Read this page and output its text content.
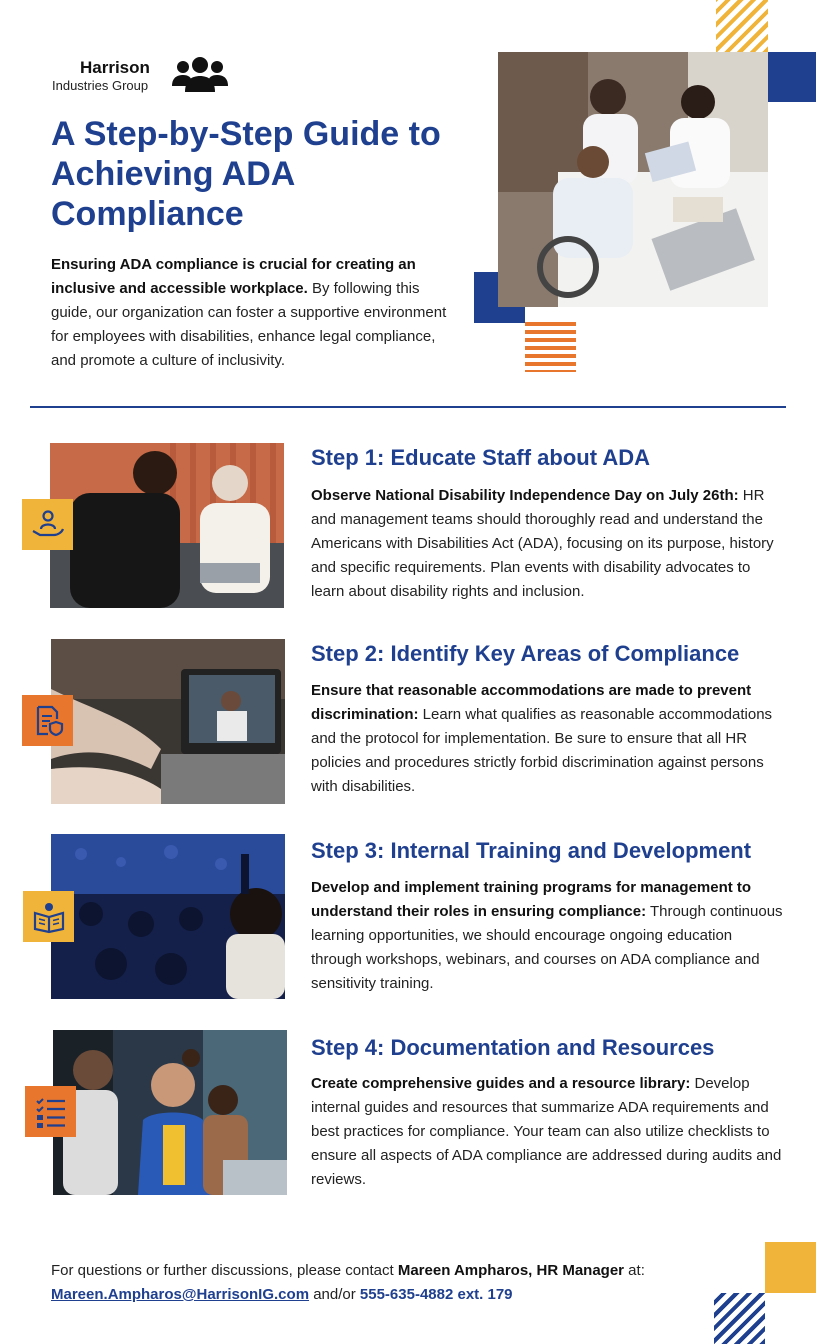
Harrison
Industries Group
A Step-by-Step Guide to Achieving ADA Compliance

Ensuring ADA compliance is crucial for creating an inclusive and accessible workplace. By following this guide, our organization can foster a supportive environment for employees with disabilities, enhance legal compliance, and promote a culture of inclusivity.

Step 1: Educate Staff about ADA

Observe National Disability Independence Day on July 26th: HR and management teams should thoroughly read and understand the Americans with Disabilities Act (ADA), focusing on its purpose, history and specific requirements. Plan events with disability advocates to learn about disability rights and inclusion.

Step 2: Identify Key Areas of Compliance

Ensure that reasonable accommodations are made to prevent discrimination: Learn what qualifies as reasonable accommodations and the protocol for implementation. Be sure to ensure that all HR policies and procedures strictly forbid discrimination against persons with disabilities.

Step 3: Internal Training and Development

Develop and implement training programs for management to understand their roles in ensuring compliance: Through continuous learning opportunities, we should encourage ongoing education through workshops, webinars, and courses on ADA compliance and sensitivity training.

Step 4: Documentation and Resources

Create comprehensive guides and a resource library: Develop internal guides and resources that summarize ADA requirements and best practices for compliance. Your team can also utilize checklists to ensure all aspects of ADA compliance are addressed during audits and reviews.

For questions or further discussions, please contact Mareen Ampharos, HR Manager at:
Mareen.Ampharos@HarrisonIG.com and/or 555-635-4882 ext. 179
